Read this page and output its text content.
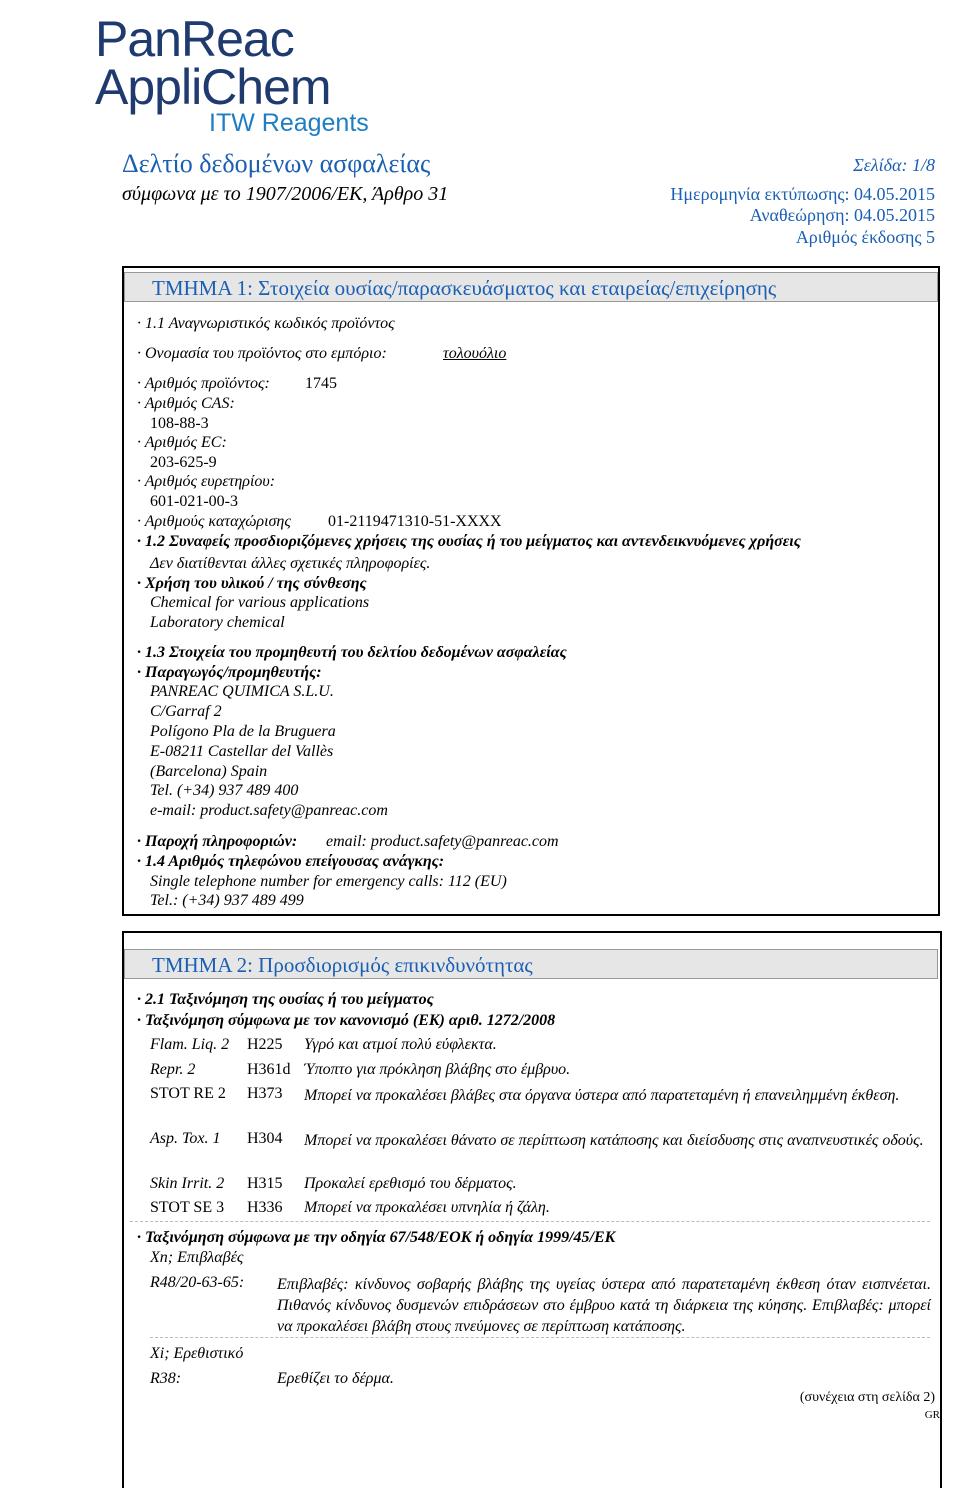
PanReac
AppliChem
ITW Reagents
Δελτίο δεδομένων ασφαλείας
σύμφωνα με το 1907/2006/ΕΚ, Άρθρο 31
Σελίδα: 1/8
Ημερομηνία εκτύπωσης: 04.05.2015
Αναθεώρηση: 04.05.2015
Αριθμός έκδοσης 5
ΤΜΗΜΑ 1: Στοιχεία ουσίας/παρασκευάσματος και εταιρείας/επιχείρησης
· 1.1 Αναγνωριστικός κωδικός προϊόντος
· Ονομασία του προϊόντος στο εμπόριο:	τολουόλιο
· Αριθμός προϊόντος: 1745
· Αριθμός CAS:
108-88-3
· Αριθμός EC:
203-625-9
· Αριθμός ευρετηρίου:
601-021-00-3
· Αριθμούς καταχώρισης 01-2119471310-51-XXXX
· 1.2 Συναφείς προσδιοριζόμενες χρήσεις της ουσίας ή του μείγματος και αντενδεικνυόμενες χρήσεις
Δεν διατίθενται άλλες σχετικές πληροφορίες.
· Χρήση του υλικού / της σύνθεσης
Chemical for various applications
Laboratory chemical
· 1.3 Στοιχεία του προμηθευτή του δελτίου δεδομένων ασφαλείας
· Παραγωγός/προμηθευτής:
PANREAC QUIMICA S.L.U.
C/Garraf 2
Polígono Pla de la Bruguera
E-08211 Castellar del Vallès
(Barcelona) Spain
Tel. (+34) 937 489 400
e-mail: product.safety@panreac.com
· Παροχή πληροφοριών: email: product.safety@panreac.com
· 1.4 Αριθμός τηλεφώνου επείγουσας ανάγκης:
Single telephone number for emergency calls: 112 (EU)
Tel.: (+34) 937 489 499
ΤΜΗΜΑ 2: Προσδιορισμός επικινδυνότητας
· 2.1 Ταξινόμηση της ουσίας ή του μείγματος
· Ταξινόμηση σύμφωνα με τον κανονισμό (ΕΚ) αριθ. 1272/2008
Flam. Liq. 2 H225 Υγρό και ατμοί πολύ εύφλεκτα.
Repr. 2	H361d Ύποπτο για πρόκληση βλάβης στο έμβρυο.
STOT RE 2 H373 Μπορεί να προκαλέσει βλάβες στα όργανα ύστερα από παρατεταμένη ή επανειλημμένη έκθεση.
Asp. Tox. 1 H304 Μπορεί να προκαλέσει θάνατο σε περίπτωση κατάποσης και διείσδυσης στις αναπνευστικές οδούς.
Skin Irrit. 2 H315 Προκαλεί ερεθισμό του δέρματος.
STOT SE 3 H336 Μπορεί να προκαλέσει υπνηλία ή ζάλη.
· Ταξινόμηση σύμφωνα με την οδηγία 67/548/ΕΟΚ ή οδηγία 1999/45/ΕΚ
Xn; Επιβλαβές
R48/20-63-65: Επιβλαβές: κίνδυνος σοβαρής βλάβης της υγείας ύστερα από παρατεταμένη έκθεση όταν εισπνέεται. Πιθανός κίνδυνος δυσμενών επιδράσεων στο έμβρυο κατά τη διάρκεια της κύησης. Επιβλαβές: μπορεί να προκαλέσει βλάβη στους πνεύμονες σε περίπτωση κατάποσης.
Xi; Ερεθιστικό
R38:	Ερεθίζει το δέρμα.
(συνέχεια στη σελίδα 2)
GR
